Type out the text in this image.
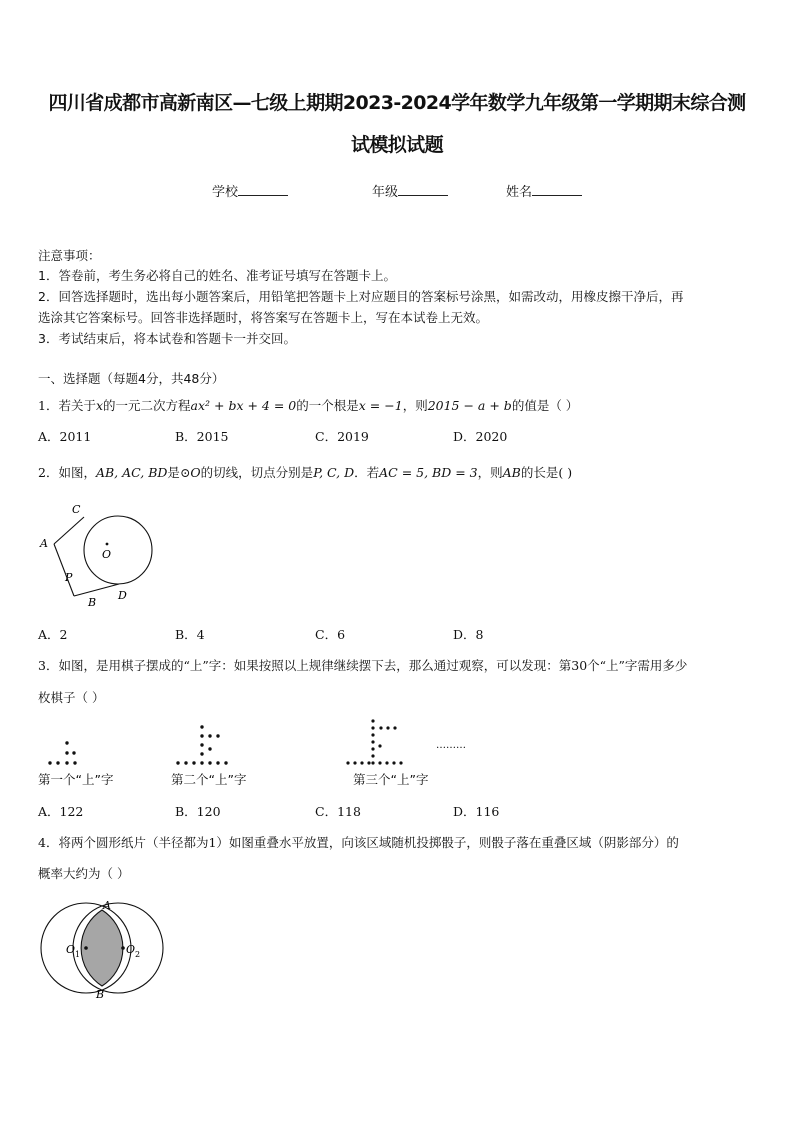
四川省成都市高新南区—七级上期期2023-2024学年数学九年级第一学期期末综合测
试模拟试题
学校	年级	姓名
注意事项：
1．答卷前，考生务必将自己的姓名、准考证号填写在答题卡上。
2．回答选择题时，选出每小题答案后，用铅笔把答题卡上对应题目的答案标号涂黑，如需改动，用橡皮擦干净后，再
选涂其它答案标号。回答非选择题时，将答案写在答题卡上，写在本试卷上无效。
3．考试结束后，将本试卷和答题卡一并交回。
一、选择题（每题4分，共48分）
1．若关于x的一元二次方程ax² + bx + 4 = 0的一个根是x = −1，则2015 − a + b的值是（ ）
A．2011	B．2015	C．2019	D．2020
2．如图，AB, AC, BD是⊙O的切线，切点分别是P, C, D．若AC = 5, BD = 3，则AB的长是( )
C
A
O
P
B
D
A．2	B．4	C．6	D．8
3．如图，是用棋子摆成的“上”字：如果按照以上规律继续摆下去，那么通过观察，可以发现：第30个“上”字需用多少
枚棋子（ ）
………
第一个“上”字	第二个“上”字	第三个“上”字
A．122	B．120	C．118	D．116
4．将两个圆形纸片（半径都为1）如图重叠水平放置，向该区域随机投掷骰子，则骰子落在重叠区域（阴影部分）的
概率大约为（ ）
A
B
O 1	O 2
